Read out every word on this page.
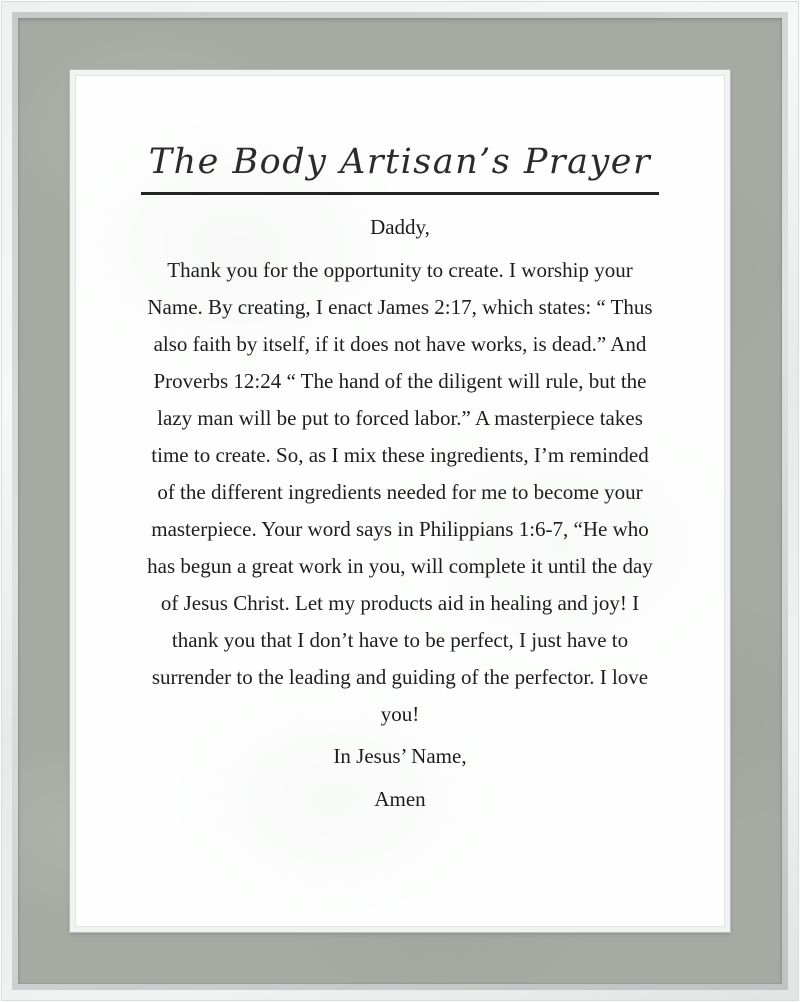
The Body Artisan’s Prayer
Daddy,
Thank you for the opportunity to create. I worship your
Name. By creating, I enact James 2:17, which states: “ Thus
also faith by itself, if it does not have works, is dead.” And
Proverbs 12:24 “ The hand of the diligent will rule, but the
lazy man will be put to forced labor.” A masterpiece takes
time to create. So, as I mix these ingredients, I’m reminded
of the different ingredients needed for me to become your
masterpiece. Your word says in Philippians 1:6-7, “He who
has begun a great work in you, will complete it until the day
of Jesus Christ. Let my products aid in healing and joy! I
thank you that I don’t have to be perfect, I just have to
surrender to the leading and guiding of the perfector. I love
you!
In Jesus’ Name,
Amen
